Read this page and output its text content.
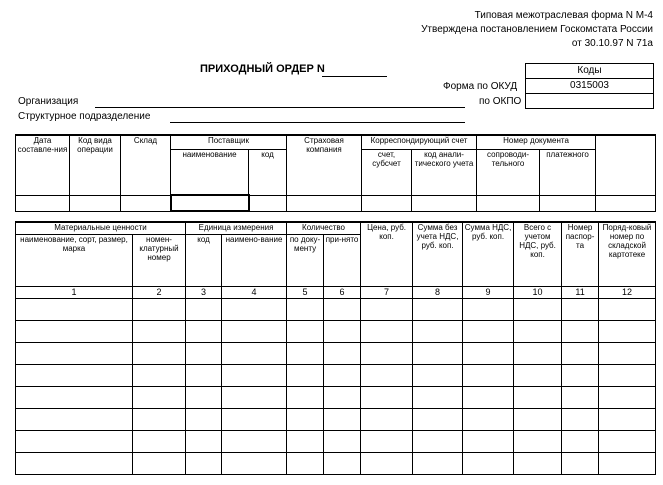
Типовая межотраслевая форма N М-4
Утверждена постановлением Госкомстата России
от 30.10.97 N 71а
ПРИХОДНЫЙ ОРДЕР N	Коды
Форма по ОКУД	0315003
по ОКПО
Организация
Структурное подразделение
Дата составле-ния	Код вида операции	Склад	Поставщик		Страховая компания	Корреспондирующий счет		Номер документа		
			наименование	код		счет, субсчет	код анали-тического учета	сопроводи-тельного	платежного	

Материальные ценности		Единица измерения		Количество		Цена, руб. коп.	Сумма без учета НДС, руб. коп.	Сумма НДС, руб. коп.	Всего с учетом НДС, руб. коп.	Номер паспор-та	Поряд-ковый номер по складской картотеке
наименование, сорт, размер, марка	номен-клатурный номер	код	наимено-вание	по доку-менту	при-нято						
1	2	3	4	5	6	7	8	9	10	11	12
